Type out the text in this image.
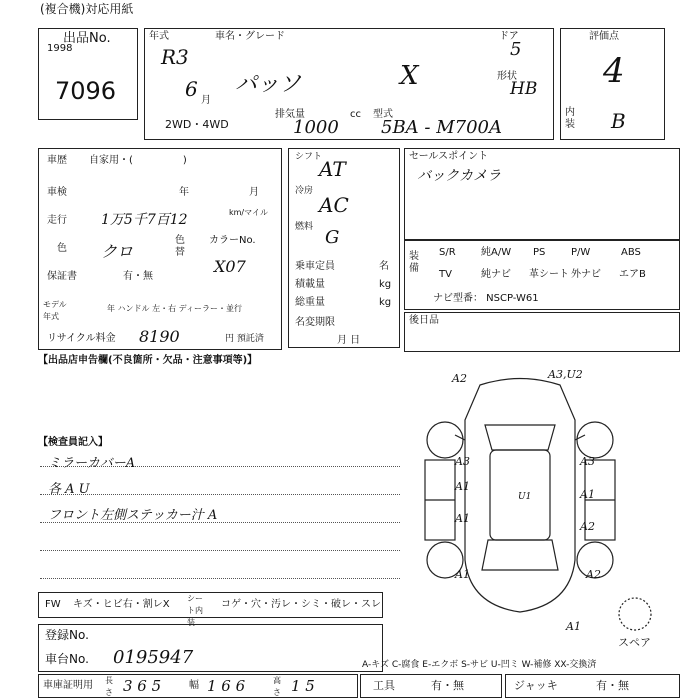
(複合機)対応用紙
出品No.
1998
7096
年式
R3
6 月
車名・グレード
パッソ	X
ドア
5
形状
HB
2WD・4WD
排気量	cc
1000
型式
5BA - M700A
評価点
4
内装 B
車歴 自家用・(　　　　　)
車検	年	月
走行 1万5千7百12	km/マイル
色 クロ
色替
カラーNo.
X07
保証書	有・無
モデル年式
年 ハンドル 左・右 ディーラー・並行
リサイクル料金 8190	円 預託済
シフト
AT
冷房
AC
燃料 G
乗車定員	名
積載量	kg
総重量	kg
名変期限
月 日
セールスポイント
バックカメラ
装備
S/R	純A/W PS	P/W	ABS
TV	純ナビ 革シート 外ナビ エアB
ナビ型番： NSCP-W61
後日品
【出品店申告欄(不良箇所・欠品・注意事項等)】
【検査員記入】
ミラーカバーA
各 A U
フロント左側ステッカー汁 A
FW キズ・ヒビ右・割レX
シート内装
コゲ・穴・汚レ・シミ・破レ・スレ
登録No.
車台No. 0195947
車庫証明用 長さ 3 6 5	幅 1 6 6	高さ 1 5	工具	有・無	ジャッキ	有・無
A-キズ C-腐食 E-エクボ S-サビ U-凹ミ W-補修 XX-交換済
スペア
A2	A3,U2
A3	A3
A1
A1
A1
A2
A1
U1
A2
A1
